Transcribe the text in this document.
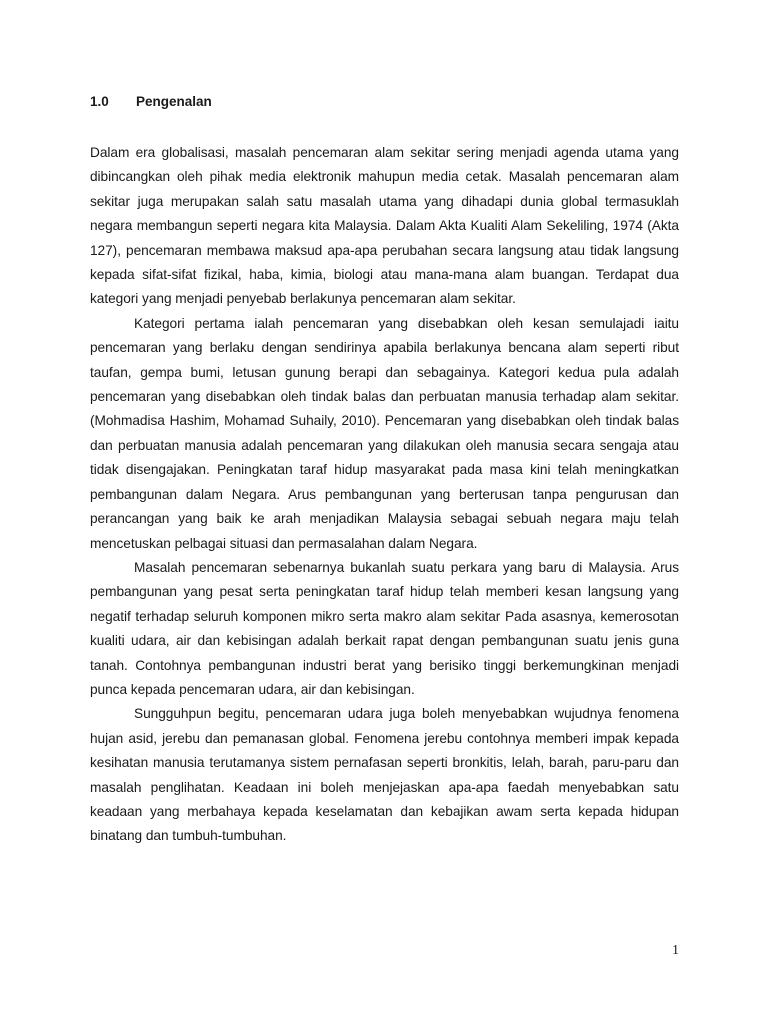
1.0 Pengenalan

Dalam era globalisasi, masalah pencemaran alam sekitar sering menjadi agenda utama yang dibincangkan oleh pihak media elektronik mahupun media cetak. Masalah pencemaran alam sekitar juga merupakan salah satu masalah utama yang dihadapi dunia global termasuklah negara membangun seperti negara kita Malaysia. Dalam Akta Kualiti Alam Sekeliling, 1974 (Akta 127), pencemaran membawa maksud apa-apa perubahan secara langsung atau tidak langsung kepada sifat-sifat fizikal, haba, kimia, biologi atau mana-mana alam buangan. Terdapat dua kategori yang menjadi penyebab berlakunya pencemaran alam sekitar.

Kategori pertama ialah pencemaran yang disebabkan oleh kesan semulajadi iaitu pencemaran yang berlaku dengan sendirinya apabila berlakunya bencana alam seperti ribut taufan, gempa bumi, letusan gunung berapi dan sebagainya. Kategori kedua pula adalah pencemaran yang disebabkan oleh tindak balas dan perbuatan manusia terhadap alam sekitar. (Mohmadisa Hashim, Mohamad Suhaily, 2010). Pencemaran yang disebabkan oleh tindak balas dan perbuatan manusia adalah pencemaran yang dilakukan oleh manusia secara sengaja atau tidak disengajakan. Peningkatan taraf hidup masyarakat pada masa kini telah meningkatkan pembangunan dalam Negara. Arus pembangunan yang berterusan tanpa pengurusan dan perancangan yang baik ke arah menjadikan Malaysia sebagai sebuah negara maju telah mencetuskan pelbagai situasi dan permasalahan dalam Negara.

Masalah pencemaran sebenarnya bukanlah suatu perkara yang baru di Malaysia. Arus pembangunan yang pesat serta peningkatan taraf hidup telah memberi kesan langsung yang negatif terhadap seluruh komponen mikro serta makro alam sekitar Pada asasnya, kemerosotan kualiti udara, air dan kebisingan adalah berkait rapat dengan pembangunan suatu jenis guna tanah. Contohnya pembangunan industri berat yang berisiko tinggi berkemungkinan menjadi punca kepada pencemaran udara, air dan kebisingan.

Sungguhpun begitu, pencemaran udara juga boleh menyebabkan wujudnya fenomena hujan asid, jerebu dan pemanasan global. Fenomena jerebu contohnya memberi impak kepada kesihatan manusia terutamanya sistem pernafasan seperti bronkitis, lelah, barah, paru-paru dan masalah penglihatan. Keadaan ini boleh menjejaskan apa-apa faedah menyebabkan satu keadaan yang merbahaya kepada keselamatan dan kebajikan awam serta kepada hidupan binatang dan tumbuh-tumbuhan.

1
